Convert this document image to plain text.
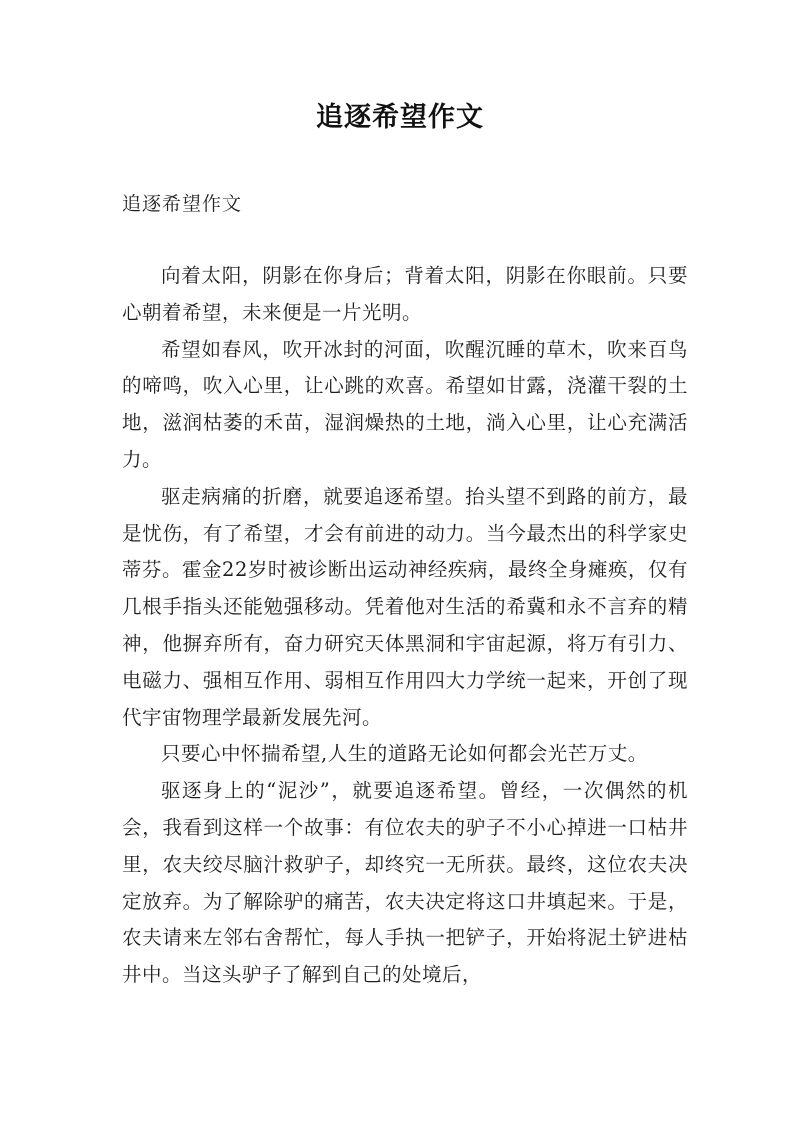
追逐希望作文
追逐希望作文

向着太阳，阴影在你身后；背着太阳，阴影在你眼前。只要心朝着希望，未来便是一片光明。

希望如春风，吹开冰封的河面，吹醒沉睡的草木，吹来百鸟的啼鸣，吹入心里，让心跳的欢喜。希望如甘露，浇灌干裂的土地，滋润枯萎的禾苗，湿润燥热的土地，淌入心里，让心充满活力。

驱走病痛的折磨，就要追逐希望。抬头望不到路的前方，最是忧伤，有了希望，才会有前进的动力。当今最杰出的科学家史蒂芬。霍金22岁时被诊断出运动神经疾病，最终全身瘫痪，仅有几根手指头还能勉强移动。凭着他对生活的希冀和永不言弃的精神，他摒弃所有，奋力研究天体黑洞和宇宙起源，将万有引力、电磁力、强相互作用、弱相互作用四大力学统一起来，开创了现代宇宙物理学最新发展先河。

只要心中怀揣希望,人生的道路无论如何都会光芒万丈。

驱逐身上的“泥沙”，就要追逐希望。曾经，一次偶然的机会，我看到这样一个故事：有位农夫的驴子不小心掉进一口枯井里，农夫绞尽脑汁救驴子，却终究一无所获。最终，这位农夫决定放弃。为了解除驴的痛苦，农夫决定将这口井填起来。于是，农夫请来左邻右舍帮忙，每人手执一把铲子，开始将泥土铲进枯井中。当这头驴子了解到自己的处境后，
